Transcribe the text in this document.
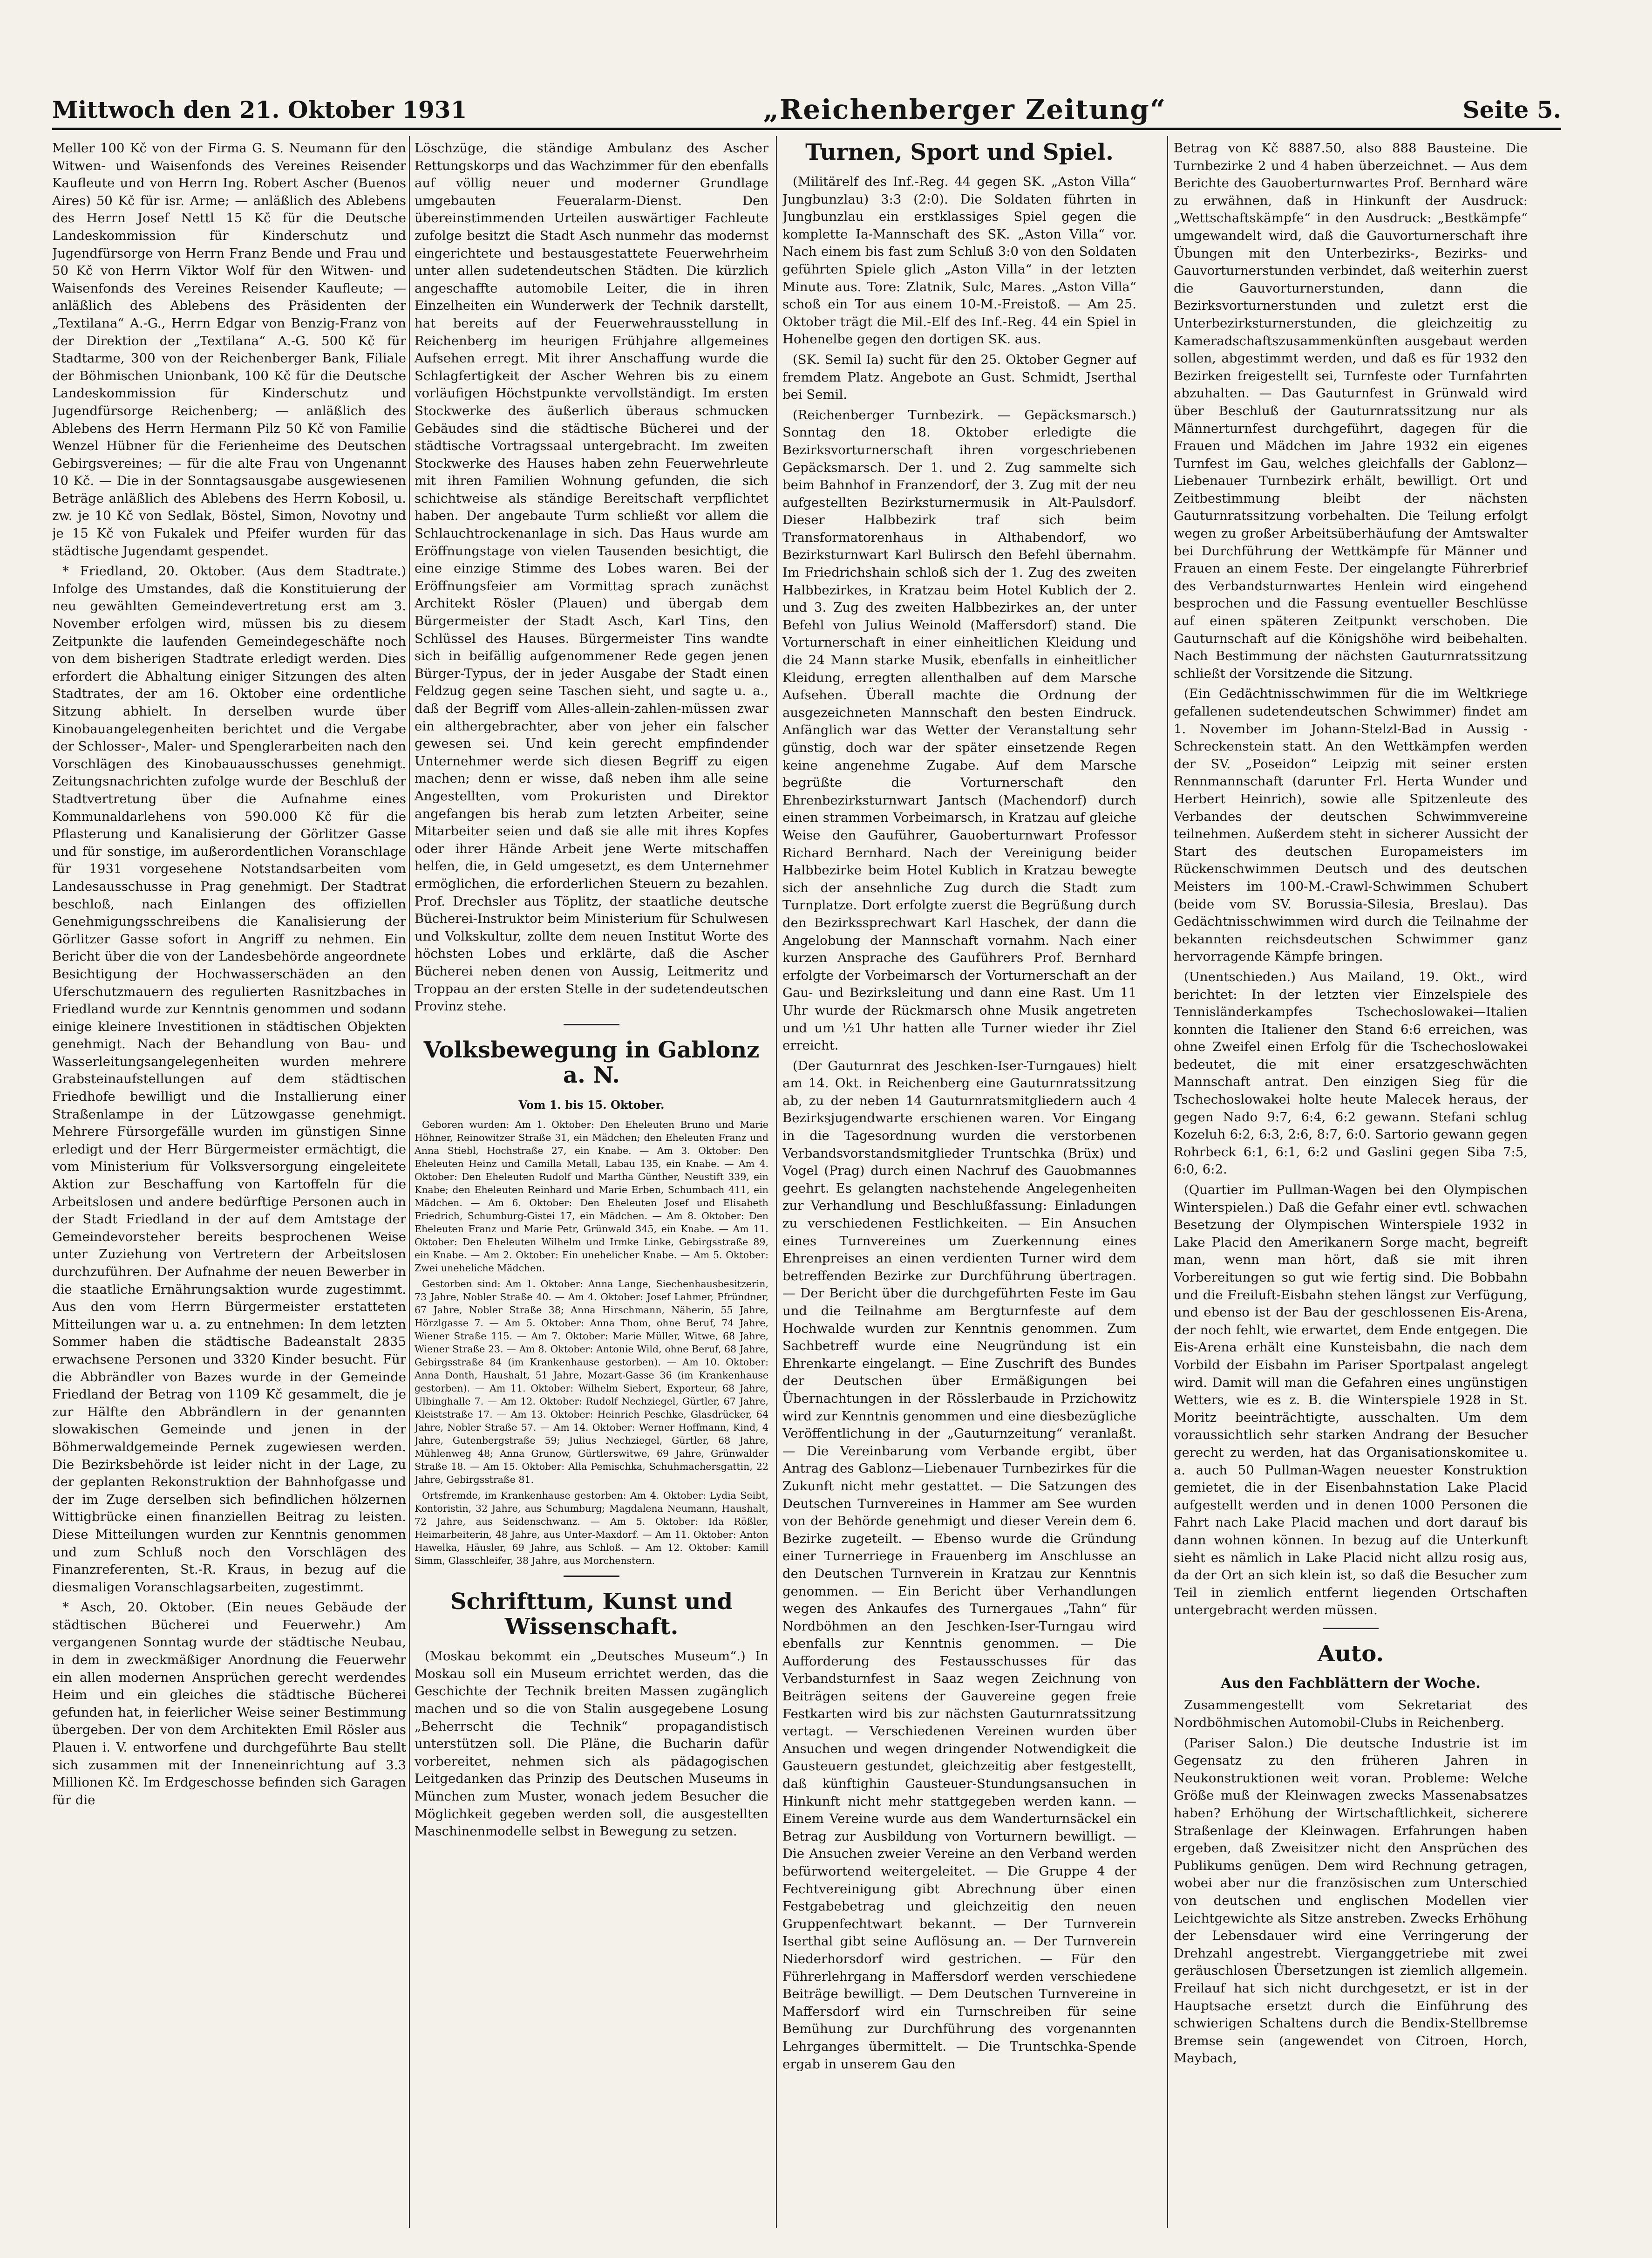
Mittwoch den 21. Oktober 1931	„Reichenberger Zeitung“	Seite 5.

Meller 100 Kč von der Firma G. S. Neumann für den Witwen- und Waisenfonds des Vereines Reisender Kaufleute und von Herrn Ing. Robert Ascher (Buenos Aires) 50 Kč für isr. Arme; — anläßlich des Ablebens des Herrn Josef Nettl 15 Kč für die Deutsche Landeskommission für Kinderschutz und Jugendfürsorge von Herrn Franz Bende und Frau und 50 Kč von Herrn Viktor Wolf für den Witwen- und Waisenfonds des Vereines Reisender Kaufleute; — anläßlich des Ablebens des Präsidenten der „Textilana“ A.-G., Herrn Edgar von Benzig-Franz von der Direktion der „Textilana“ A.-G. 500 Kč für Stadtarme, 300 von der Reichenberger Bank, Filiale der Böhmischen Unionbank, 100 Kč für die Deutsche Landeskommission für Kinderschutz und Jugendfürsorge Reichenberg; — anläßlich des Ablebens des Herrn Hermann Pilz 50 Kč von Familie Wenzel Hübner für die Ferienheime des Deutschen Gebirgsvereines; — für die alte Frau von Ungenannt 10 Kč. — Die in der Sonntagsausgabe ausgewiesenen Beträge anläßlich des Ablebens des Herrn Kobosil, u. zw. je 10 Kč von Sedlak, Böstel, Simon, Novotny und je 15 Kč von Fukalek und Pfeifer wurden für das städtische Jugendamt gespendet.

* Friedland, 20. Oktober. (Aus dem Stadtrate.) Infolge des Umstandes, daß die Konstituierung der neu gewählten Gemeindevertretung erst am 3. November erfolgen wird, müssen bis zu diesem Zeitpunkte die laufenden Gemeindegeschäfte noch von dem bisherigen Stadtrate erledigt werden. Dies erfordert die Abhaltung einiger Sitzungen des alten Stadtrates, der am 16. Oktober eine ordentliche Sitzung abhielt. In derselben wurde über Kinobauangelegenheiten berichtet und die Vergabe der Schlosser-, Maler- und Spenglerarbeiten nach den Vorschlägen des Kinobauausschusses genehmigt. Zeitungsnachrichten zufolge wurde der Beschluß der Stadtvertretung über die Aufnahme eines Kommunaldarlehens von 590.000 Kč für die Pflasterung und Kanalisierung der Görlitzer Gasse und für sonstige, im außerordentlichen Voranschlage für 1931 vorgesehene Notstandsarbeiten vom Landesausschusse in Prag genehmigt. Der Stadtrat beschloß, nach Einlangen des offiziellen Genehmigungsschreibens die Kanalisierung der Görlitzer Gasse sofort in Angriff zu nehmen. Ein Bericht über die von der Landesbehörde angeordnete Besichtigung der Hochwasserschäden an den Uferschutzmauern des regulierten Rasnitzbaches in Friedland wurde zur Kenntnis genommen und sodann einige kleinere Investitionen in städtischen Objekten genehmigt. Nach der Behandlung von Bau- und Wasserleitungsangelegenheiten wurden mehrere Grabsteinaufstellungen auf dem städtischen Friedhofe bewilligt und die Installierung einer Straßenlampe in der Lützowgasse genehmigt. Mehrere Fürsorgefälle wurden im günstigen Sinne erledigt und der Herr Bürgermeister ermächtigt, die vom Ministerium für Volksversorgung eingeleitete Aktion zur Beschaffung von Kartoffeln für die Arbeitslosen und andere bedürftige Personen auch in der Stadt Friedland in der auf dem Amtstage der Gemeindevorsteher bereits besprochenen Weise unter Zuziehung von Vertretern der Arbeitslosen durchzuführen. Der Aufnahme der neuen Bewerber in die staatliche Ernährungsaktion wurde zugestimmt. Aus den vom Herrn Bürgermeister erstatteten Mitteilungen war u. a. zu entnehmen: In dem letzten Sommer haben die städtische Badeanstalt 2835 erwachsene Personen und 3320 Kinder besucht. Für die Abbrändler von Bazes wurde in der Gemeinde Friedland der Betrag von 1109 Kč gesammelt, die je zur Hälfte den Abbrändlern in der genannten slowakischen Gemeinde und jenen in der Böhmerwaldgemeinde Pernek zugewiesen werden. Die Bezirksbehörde ist leider nicht in der Lage, zu der geplanten Rekonstruktion der Bahnhofgasse und der im Zuge derselben sich befindlichen hölzernen Wittigbrücke einen finanziellen Beitrag zu leisten. Diese Mitteilungen wurden zur Kenntnis genommen und zum Schluß noch den Vorschlägen des Finanzreferenten, St.-R. Kraus, in bezug auf die diesmaligen Voranschlagsarbeiten, zugestimmt.

* Asch, 20. Oktober. (Ein neues Gebäude der städtischen Bücherei und Feuerwehr.) Am vergangenen Sonntag wurde der städtische Neubau, in dem in zweckmäßiger Anordnung die Feuerwehr ein allen modernen Ansprüchen gerecht werdendes Heim und ein gleiches die städtische Bücherei gefunden hat, in feierlicher Weise seiner Bestimmung übergeben. Der von dem Architekten Emil Rösler aus Plauen i. V. entworfene und durchgeführte Bau stellt sich zusammen mit der Inneneinrichtung auf 3.3 Millionen Kč. Im Erdgeschosse befinden sich Garagen für die

Löschzüge, die ständige Ambulanz des Ascher Rettungskorps und das Wachzimmer für den ebenfalls auf völlig neuer und moderner Grundlage umgebauten Feueralarm-Dienst. Den übereinstimmenden Urteilen auswärtiger Fachleute zufolge besitzt die Stadt Asch nunmehr das modernst eingerichtete und bestausgestattete Feuerwehrheim unter allen sudetendeutschen Städten. Die kürzlich angeschaffte automobile Leiter, die in ihren Einzelheiten ein Wunderwerk der Technik darstellt, hat bereits auf der Feuerwehrausstellung in Reichenberg im heurigen Frühjahre allgemeines Aufsehen erregt. Mit ihrer Anschaffung wurde die Schlagfertigkeit der Ascher Wehren bis zu einem vorläufigen Höchstpunkte vervollständigt. Im ersten Stockwerke des äußerlich überaus schmucken Gebäudes sind die städtische Bücherei und der städtische Vortragssaal untergebracht. Im zweiten Stockwerke des Hauses haben zehn Feuerwehrleute mit ihren Familien Wohnung gefunden, die sich schichtweise als ständige Bereitschaft verpflichtet haben. Der angebaute Turm schließt vor allem die Schlauchtrockenanlage in sich. Das Haus wurde am Eröffnungstage von vielen Tausenden besichtigt, die eine einzige Stimme des Lobes waren. Bei der Eröffnungsfeier am Vormittag sprach zunächst Architekt Rösler (Plauen) und übergab dem Bürgermeister der Stadt Asch, Karl Tins, den Schlüssel des Hauses. Bürgermeister Tins wandte sich in beifällig aufgenommener Rede gegen jenen Bürger-Typus, der in jeder Ausgabe der Stadt einen Feldzug gegen seine Taschen sieht, und sagte u. a., daß der Begriff vom Alles-allein-zahlen-müssen zwar ein althergebrachter, aber von jeher ein falscher gewesen sei. Und kein gerecht empfindender Unternehmer werde sich diesen Begriff zu eigen machen; denn er wisse, daß neben ihm alle seine Angestellten, vom Prokuristen und Direktor angefangen bis herab zum letzten Arbeiter, seine Mitarbeiter seien und daß sie alle mit ihres Kopfes oder ihrer Hände Arbeit jene Werte mitschaffen helfen, die, in Geld umgesetzt, es dem Unternehmer ermöglichen, die erforderlichen Steuern zu bezahlen. Prof. Drechsler aus Töplitz, der staatliche deutsche Bücherei-Instruktor beim Ministerium für Schulwesen und Volkskultur, zollte dem neuen Institut Worte des höchsten Lobes und erklärte, daß die Ascher Bücherei neben denen von Aussig, Leitmeritz und Troppau an der ersten Stelle in der sudetendeutschen Provinz stehe.

Volksbewegung in Gablonz a. N.
Vom 1. bis 15. Oktober.

Geboren wurden: Am 1. Oktober: Den Eheleuten Bruno und Marie Höhner, Reinowitzer Straße 31, ein Mädchen; den Eheleuten Franz und Anna Stiebl, Hochstraße 27, ein Knabe. — Am 3. Oktober: Den Eheleuten Heinz und Camilla Metall, Labau 135, ein Knabe. — Am 4. Oktober: Den Eheleuten Rudolf und Martha Günther, Neustift 339, ein Knabe; den Eheleuten Reinhard und Marie Erben, Schumbach 411, ein Mädchen. — Am 6. Oktober: Den Eheleuten Josef und Elisabeth Friedrich, Schumburg-Gistei 17, ein Mädchen. — Am 8. Oktober: Den Eheleuten Franz und Marie Petr, Grünwald 345, ein Knabe. — Am 11. Oktober: Den Eheleuten Wilhelm und Irmke Linke, Gebirgsstraße 89, ein Knabe. — Am 2. Oktober: Ein unehelicher Knabe. — Am 5. Oktober: Zwei uneheliche Mädchen.

Gestorben sind: Am 1. Oktober: Anna Lange, Siechenhausbesitzerin, 73 Jahre, Nobler Straße 40. — Am 4. Oktober: Josef Lahmer, Pfründner, 67 Jahre, Nobler Straße 38; Anna Hirschmann, Näherin, 55 Jahre, Hörzlgasse 7. — Am 5. Oktober: Anna Thom, ohne Beruf, 74 Jahre, Wiener Straße 115. — Am 7. Oktober: Marie Müller, Witwe, 68 Jahre, Wiener Straße 23. — Am 8. Oktober: Antonie Wild, ohne Beruf, 68 Jahre, Gebirgsstraße 84 (im Krankenhause gestorben). — Am 10. Oktober: Anna Donth, Haushalt, 51 Jahre, Mozart-Gasse 36 (im Krankenhause gestorben). — Am 11. Oktober: Wilhelm Siebert, Exporteur, 68 Jahre, Ulbinghalle 7. — Am 12. Oktober: Rudolf Nechziegel, Gürtler, 67 Jahre, Kleiststraße 17. — Am 13. Oktober: Heinrich Peschke, Glasdrücker, 64 Jahre, Nobler Straße 57. — Am 14. Oktober: Werner Hoffmann, Kind, 4 Jahre, Gutenbergstraße 59; Julius Nechziegel, Gürtler, 68 Jahre, Mühlenweg 48; Anna Grunow, Gürtlerswitwe, 69 Jahre, Grünwalder Straße 18. — Am 15. Oktober: Alla Pemischka, Schuhmachersgattin, 22 Jahre, Gebirgsstraße 81.

Ortsfremde, im Krankenhause gestorben: Am 4. Oktober: Lydia Seibt, Kontoristin, 32 Jahre, aus Schumburg; Magdalena Neumann, Haushalt, 72 Jahre, aus Seidenschwanz. — Am 5. Oktober: Ida Rößler, Heimarbeiterin, 48 Jahre, aus Unter-Maxdorf. — Am 11. Oktober: Anton Hawelka, Häusler, 69 Jahre, aus Schloß. — Am 12. Oktober: Kamill Simm, Glasschleifer, 38 Jahre, aus Morchenstern.

Schrifttum, Kunst und Wissenschaft.

(Moskau bekommt ein „Deutsches Museum“.) In Moskau soll ein Museum errichtet werden, das die Geschichte der Technik breiten Massen zugänglich machen und so die von Stalin ausgegebene Losung „Beherrscht die Technik“ propagandistisch unterstützen soll. Die Pläne, die Bucharin dafür vorbereitet, nehmen sich als pädagogischen Leitgedanken das Prinzip des Deutschen Museums in München zum Muster, wonach jedem Besucher die Möglichkeit gegeben werden soll, die ausgestellten Maschinenmodelle selbst in Bewegung zu setzen.

Turnen, Sport und Spiel.

(Militärelf des Inf.-Reg. 44 gegen SK. „Aston Villa“ Jungbunzlau) 3:3 (2:0). Die Soldaten führten in Jungbunzlau ein erstklassiges Spiel gegen die komplette Ia-Mannschaft des SK. „Aston Villa“ vor. Nach einem bis fast zum Schluß 3:0 von den Soldaten geführten Spiele glich „Aston Villa“ in der letzten Minute aus. Tore: Zlatnik, Sulc, Mares. „Aston Villa“ schoß ein Tor aus einem 10-M.-Freistoß. — Am 25. Oktober trägt die Mil.-Elf des Inf.-Reg. 44 ein Spiel in Hohenelbe gegen den dortigen SK. aus.

(SK. Semil Ia) sucht für den 25. Oktober Gegner auf fremdem Platz. Angebote an Gust. Schmidt, Jserthal bei Semil.

(Reichenberger Turnbezirk. — Gepäcksmarsch.) Sonntag den 18. Oktober erledigte die Bezirksvorturnerschaft ihren vorgeschriebenen Gepäcksmarsch. Der 1. und 2. Zug sammelte sich beim Bahnhof in Franzendorf, der 3. Zug mit der neu aufgestellten Bezirksturnermusik in Alt-Paulsdorf. Dieser Halbbezirk traf sich beim Transformatorenhaus in Althabendorf, wo Bezirksturnwart Karl Bulirsch den Befehl übernahm. Im Friedrichshain schloß sich der 1. Zug des zweiten Halbbezirkes, in Kratzau beim Hotel Kublich der 2. und 3. Zug des zweiten Halbbezirkes an, der unter Befehl von Julius Weinold (Maffersdorf) stand. Die Vorturnerschaft in einer einheitlichen Kleidung und die 24 Mann starke Musik, ebenfalls in einheitlicher Kleidung, erregten allenthalben auf dem Marsche Aufsehen. Überall machte die Ordnung der ausgezeichneten Mannschaft den besten Eindruck. Anfänglich war das Wetter der Veranstaltung sehr günstig, doch war der später einsetzende Regen keine angenehme Zugabe. Auf dem Marsche begrüßte die Vorturnerschaft den Ehrenbezirksturnwart Jantsch (Machendorf) durch einen strammen Vorbeimarsch, in Kratzau auf gleiche Weise den Gauführer, Gauoberturnwart Professor Richard Bernhard. Nach der Vereinigung beider Halbbezirke beim Hotel Kublich in Kratzau bewegte sich der ansehnliche Zug durch die Stadt zum Turnplatze. Dort erfolgte zuerst die Begrüßung durch den Bezirkssprechwart Karl Haschek, der dann die Angelobung der Mannschaft vornahm. Nach einer kurzen Ansprache des Gauführers Prof. Bernhard erfolgte der Vorbeimarsch der Vorturnerschaft an der Gau- und Bezirksleitung und dann eine Rast. Um 11 Uhr wurde der Rückmarsch ohne Musik angetreten und um ½1 Uhr hatten alle Turner wieder ihr Ziel erreicht.

(Der Gauturnrat des Jeschken-Iser-Turngaues) hielt am 14. Okt. in Reichenberg eine Gauturnratssitzung ab, zu der neben 14 Gauturnratsmitgliedern auch 4 Bezirksjugendwarte erschienen waren. Vor Eingang in die Tagesordnung wurden die verstorbenen Verbandsvorstandsmitglieder Truntschka (Brüx) und Vogel (Prag) durch einen Nachruf des Gauobmannes geehrt. Es gelangten nachstehende Angelegenheiten zur Verhandlung und Beschlußfassung: Einladungen zu verschiedenen Festlichkeiten. — Ein Ansuchen eines Turnvereines um Zuerkennung eines Ehrenpreises an einen verdienten Turner wird dem betreffenden Bezirke zur Durchführung übertragen. — Der Bericht über die durchgeführten Feste im Gau und die Teilnahme am Bergturnfeste auf dem Hochwalde wurden zur Kenntnis genommen. Zum Sachbetreff wurde eine Neugründung ist ein Ehrenkarte eingelangt. — Eine Zuschrift des Bundes der Deutschen über Ermäßigungen bei Übernachtungen in der Rösslerbaude in Przichowitz wird zur Kenntnis genommen und eine diesbezügliche Veröffentlichung in der „Gauturnzeitung“ veranlaßt. — Die Vereinbarung vom Verbande ergibt, über Antrag des Gablonz—Liebenauer Turnbezirkes für die Zukunft nicht mehr gestattet. — Die Satzungen des Deutschen Turnvereines in Hammer am See wurden von der Behörde genehmigt und dieser Verein dem 6. Bezirke zugeteilt. — Ebenso wurde die Gründung einer Turnerriege in Frauenberg im Anschlusse an den Deutschen Turnverein in Kratzau zur Kenntnis genommen. — Ein Bericht über Verhandlungen wegen des Ankaufes des Turnergaues „Tahn“ für Nordböhmen an den Jeschken-Iser-Turngau wird ebenfalls zur Kenntnis genommen. — Die Aufforderung des Festausschusses für das Verbandsturnfest in Saaz wegen Zeichnung von Beiträgen seitens der Gauvereine gegen freie Festkarten wird bis zur nächsten Gauturnratssitzung vertagt. — Verschiedenen Vereinen wurden über Ansuchen und wegen dringender Notwendigkeit die Gausteuern gestundet, gleichzeitig aber festgestellt, daß künftighin Gausteuer-Stundungsansuchen in Hinkunft nicht mehr stattgegeben werden kann. — Einem Vereine wurde aus dem Wanderturnsäckel ein Betrag zur Ausbildung von Vorturnern bewilligt. — Die Ansuchen zweier Vereine an den Verband werden befürwortend weitergeleitet. — Die Gruppe 4 der Fechtvereinigung gibt Abrechnung über einen Festgabebetrag und gleichzeitig den neuen Gruppenfechtwart bekannt. — Der Turnverein Iserthal gibt seine Auflösung an. — Der Turnverein Niederhorsdorf wird gestrichen. — Für den Führerlehrgang in Maffersdorf werden verschiedene Beiträge bewilligt. — Dem Deutschen Turnvereine in Maffersdorf wird ein Turnschreiben für seine Bemühung zur Durchführung des vorgenannten Lehrganges übermittelt. — Die Truntschka-Spende ergab in unserem Gau den

Betrag von Kč 8887.50, also 888 Bausteine. Die Turnbezirke 2 und 4 haben überzeichnet. — Aus dem Berichte des Gauoberturnwartes Prof. Bernhard wäre zu erwähnen, daß in Hinkunft der Ausdruck: „Wettschaftskämpfe“ in den Ausdruck: „Bestkämpfe“ umgewandelt wird, daß die Gauvorturnerschaft ihre Übungen mit den Unterbezirks-, Bezirks- und Gauvorturnerstunden verbindet, daß weiterhin zuerst die Gauvorturnerstunden, dann die Bezirksvorturnerstunden und zuletzt erst die Unterbezirksturnerstunden, die gleichzeitig zu Kameradschaftszusammenkünften ausgebaut werden sollen, abgestimmt werden, und daß es für 1932 den Bezirken freigestellt sei, Turnfeste oder Turnfahrten abzuhalten. — Das Gauturnfest in Grünwald wird über Beschluß der Gauturnratssitzung nur als Männerturnfest durchgeführt, dagegen für die Frauen und Mädchen im Jahre 1932 ein eigenes Turnfest im Gau, welches gleichfalls der Gablonz—Liebenauer Turnbezirk erhält, bewilligt. Ort und Zeitbestimmung bleibt der nächsten Gauturnratssitzung vorbehalten. Die Teilung erfolgt wegen zu großer Arbeitsüberhäufung der Amtswalter bei Durchführung der Wettkämpfe für Männer und Frauen an einem Feste. Der eingelangte Führerbrief des Verbandsturnwartes Henlein wird eingehend besprochen und die Fassung eventueller Beschlüsse auf einen späteren Zeitpunkt verschoben. Die Gauturnschaft auf die Königshöhe wird beibehalten. Nach Bestimmung der nächsten Gauturnratssitzung schließt der Vorsitzende die Sitzung.

(Ein Gedächtnisschwimmen für die im Weltkriege gefallenen sudetendeutschen Schwimmer) findet am 1. November im Johann-Stelzl-Bad in Aussig - Schreckenstein statt. An den Wettkämpfen werden der SV. „Poseidon“ Leipzig mit seiner ersten Rennmannschaft (darunter Frl. Herta Wunder und Herbert Heinrich), sowie alle Spitzenleute des Verbandes der deutschen Schwimmvereine teilnehmen. Außerdem steht in sicherer Aussicht der Start des deutschen Europameisters im Rückenschwimmen Deutsch und des deutschen Meisters im 100-M.-Crawl-Schwimmen Schubert (beide vom SV. Borussia-Silesia, Breslau). Das Gedächtnisschwimmen wird durch die Teilnahme der bekannten reichsdeutschen Schwimmer ganz hervorragende Kämpfe bringen.

(Unentschieden.) Aus Mailand, 19. Okt., wird berichtet: In der letzten vier Einzelspiele des Tennisländerkampfes Tschechoslowakei—Italien konnten die Italiener den Stand 6:6 erreichen, was ohne Zweifel einen Erfolg für die Tschechoslowakei bedeutet, die mit einer ersatzgeschwächten Mannschaft antrat. Den einzigen Sieg für die Tschechoslowakei holte heute Malecek heraus, der gegen Nado 9:7, 6:4, 6:2 gewann. Stefani schlug Kozeluh 6:2, 6:3, 2:6, 8:7, 6:0. Sartorio gewann gegen Rohrbeck 6:1, 6:1, 6:2 und Gaslini gegen Siba 7:5, 6:0, 6:2.

(Quartier im Pullman-Wagen bei den Olympischen Winterspielen.) Daß die Gefahr einer evtl. schwachen Besetzung der Olympischen Winterspiele 1932 in Lake Placid den Amerikanern Sorge macht, begreift man, wenn man hört, daß sie mit ihren Vorbereitungen so gut wie fertig sind. Die Bobbahn und die Freiluft-Eisbahn stehen längst zur Verfügung, und ebenso ist der Bau der geschlossenen Eis-Arena, der noch fehlt, wie erwartet, dem Ende entgegen. Die Eis-Arena erhält eine Kunsteisbahn, die nach dem Vorbild der Eisbahn im Pariser Sportpalast angelegt wird. Damit will man die Gefahren eines ungünstigen Wetters, wie es z. B. die Winterspiele 1928 in St. Moritz beeinträchtigte, ausschalten. Um dem voraussichtlich sehr starken Andrang der Besucher gerecht zu werden, hat das Organisationskomitee u. a. auch 50 Pullman-Wagen neuester Konstruktion gemietet, die in der Eisenbahnstation Lake Placid aufgestellt werden und in denen 1000 Personen die Fahrt nach Lake Placid machen und dort darauf bis dann wohnen können. In bezug auf die Unterkunft sieht es nämlich in Lake Placid nicht allzu rosig aus, da der Ort an sich klein ist, so daß die Besucher zum Teil in ziemlich entfernt liegenden Ortschaften untergebracht werden müssen.

Auto.
Aus den Fachblättern der Woche.

Zusammengestellt vom Sekretariat des Nordböhmischen Automobil-Clubs in Reichenberg.

(Pariser Salon.) Die deutsche Industrie ist im Gegensatz zu den früheren Jahren in Neukonstruktionen weit voran. Probleme: Welche Größe muß der Kleinwagen zwecks Massenabsatzes haben? Erhöhung der Wirtschaftlichkeit, sicherere Straßenlage der Kleinwagen. Erfahrungen haben ergeben, daß Zweisitzer nicht den Ansprüchen des Publikums genügen. Dem wird Rechnung getragen, wobei aber nur die französischen zum Unterschied von deutschen und englischen Modellen vier Leichtgewichte als Sitze anstreben. Zwecks Erhöhung der Lebensdauer wird eine Verringerung der Drehzahl angestrebt. Vierganggetriebe mit zwei geräuschlosen Übersetzungen ist ziemlich allgemein. Freilauf hat sich nicht durchgesetzt, er ist in der Hauptsache ersetzt durch die Einführung des schwierigen Schaltens durch die Bendix-Stellbremse Bremse sein (angewendet von Citroen, Horch, Maybach,
